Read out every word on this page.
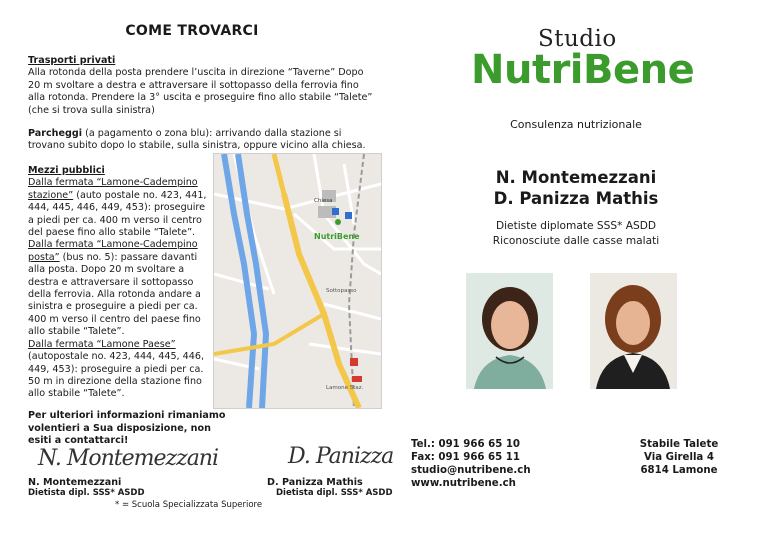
COME TROVARCI
Trasporti privati
Alla rotonda della posta prendere l’uscita in direzione “Taverne” Dopo 20 m svoltare a destra e attraversare il sottopasso della ferrovia fino alla rotonda. Prendere la 3° uscita e proseguire fino allo stabile “Talete” (che si trova sulla sinistra)
Parcheggi (a pagamento o zona blu): arrivando dalla stazione si trovano subito dopo lo stabile, sulla sinistra, oppure vicino alla chiesa.
Mezzi pubblici
Dalla fermata “Lamone-Cadempino stazione” (auto postale no. 423, 441, 444, 445, 446, 449, 453): proseguire a piedi per ca. 400 m verso il centro del paese fino allo stabile “Talete”.
Dalla fermata “Lamone-Cadempino posta” (bus no. 5): passare davanti alla posta. Dopo 20 m svoltare a destra e attraversare il sottopasso della ferrovia. Alla rotonda andare a sinistra e proseguire a piedi per ca. 400 m verso il centro del paese fino allo stabile “Talete”.
Dalla fermata “Lamone Paese” (autopostale no. 423, 444, 445, 446, 449, 453): proseguire a piedi per ca. 50 m in direzione della stazione fino allo stabile “Talete”.
Chiesa
NutriBene
Sottopasso
Lamone Staz.
Per ulteriori informazioni rimaniamo volentieri a Sua disposizione, non esiti a contattarci!
N. Montemezzani	D. Panizza
N. Montemezzani
Dietista dipl. SSS* ASDD
D. Panizza Mathis
Dietista dipl. SSS* ASDD
* = Scuola Specializzata Superiore
Studio
NutriBene
Consulenza nutrizionale
N. Montemezzani
D. Panizza Mathis
Dietiste diplomate SSS* ASDD
Riconosciute dalle casse malati
Tel.: 091 966 65 10
Fax: 091 966 65 11
studio@nutribene.ch
www.nutribene.ch
Stabile Talete
Via Girella 4
6814 Lamone
